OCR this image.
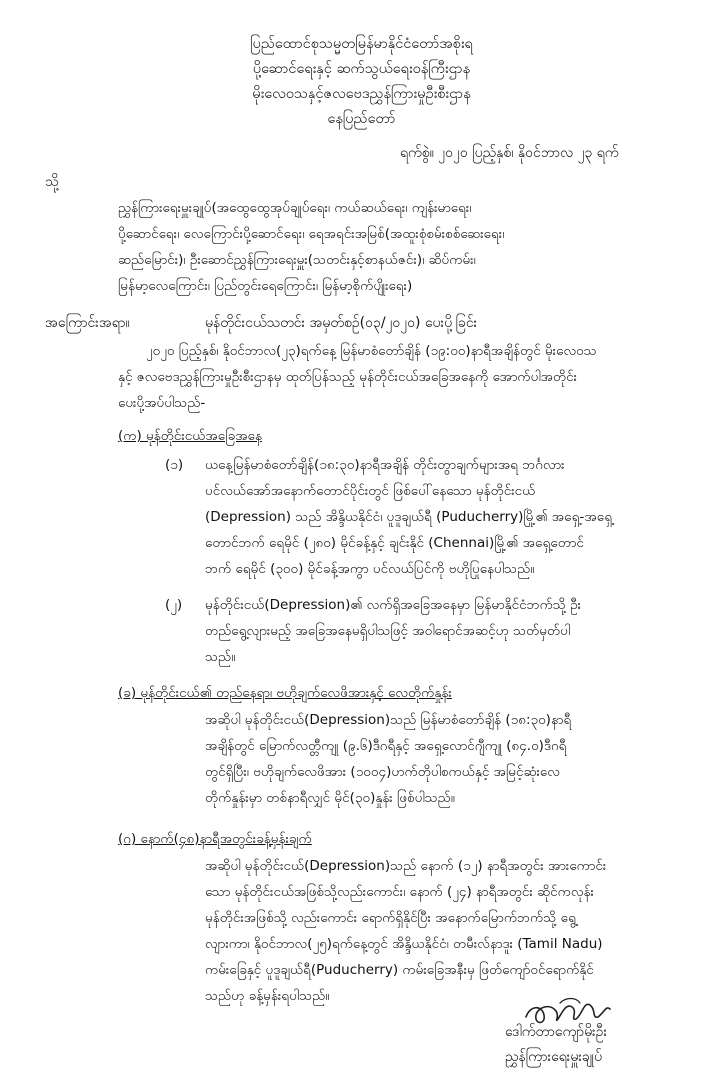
ပြည်ထောင်စုသမ္မတမြန်မာနိုင်ငံတော်အစိုးရ
ပို့ဆောင်ရေးနှင့် ဆက်သွယ်ရေးဝန်ကြီးဌာန
မိုးလေဝသနှင့်ဇလဗေဒညွှန်ကြားမှုဦးစီးဌာန
နေပြည်တော်
ရက်စွဲ။ ၂၀၂၀ ပြည့်နှစ်၊ နိုဝင်ဘာလ ၂၃ ရက်
သို့
ညွှန်ကြားရေးမှူးချုပ်(အထွေထွေအုပ်ချုပ်ရေး၊ ကယ်ဆယ်ရေး၊ ကျန်းမာရေး၊
ပို့ဆောင်ရေး၊ လေကြောင်းပို့ဆောင်ရေး၊ ရေအရင်းအမြစ်(အထူးစုံစမ်းစစ်ဆေးရေး၊
ဆည်မြောင်း)၊ ဦးဆောင်ညွှန်ကြားရေးမှူး(သတင်းနှင့်စာနယ်ဇင်း)၊ ဆိပ်ကမ်း၊
မြန်မာ့လေကြောင်း၊ ပြည်တွင်းရေကြောင်း၊ မြန်မာ့စိုက်ပျိုးရေး)
အကြောင်းအရာ။	မုန်တိုင်းငယ်သတင်း အမှတ်စဉ်(၀၃/၂၀၂၀) ပေးပို့ခြင်း
၂၀၂၀ ပြည့်နှစ်၊ နိုဝင်ဘာလ(၂၃)ရက်နေ့ မြန်မာစံတော်ချိန် (၁၉:၀၀)နာရီအချိန်တွင် မိုးလေဝသ
နှင့် ဇလဗေဒညွှန်ကြားမှုဦးစီးဌာနမှ ထုတ်ပြန်သည့် မုန်တိုင်းငယ်အခြေအနေကို အောက်ပါအတိုင်း
ပေးပို့အပ်ပါသည်-
(က) မုန်တိုင်းငယ်အခြေအနေ
(၁) ယနေ့မြန်မာစံတော်ချိန်(၁၈:၃၀)နာရီအချိန် တိုင်းတွာချက်များအရ ဘင်္ဂလား
ပင်လယ်အော်အနောက်တောင်ပိုင်းတွင် ဖြစ်ပေါ်နေသော မုန်တိုင်းငယ်
(Depression) သည် အိန္ဒိယနိုင်ငံ၊ ပူဒူချယ်ရီ (Puducherry)မြို့၏ အရှေ့-အရှေ့
တောင်ဘက် ရေမိုင် (၂၈၀) မိုင်ခန့်နှင့် ချင်းနိုင် (Chennai)မြို့၏ အရှေ့တောင်
ဘက် ရေမိုင် (၃၀၀) မိုင်ခန့်အကွာ ပင်လယ်ပြင်ကို ဗဟိုပြုနေပါသည်။
(၂) မုန်တိုင်းငယ်(Depression)၏ လက်ရှိအခြေအနေမှာ မြန်မာနိုင်ငံဘက်သို့ ဦး
တည်ရွေ့လျားမည့် အခြေအနေမရှိပါသဖြင့် အဝါရောင်အဆင့်ဟု သတ်မှတ်ပါ
သည်။
(ခ) မုန်တိုင်းငယ်၏ တည်နေရာ၊ ဗဟိုချက်လေဖိအားနှင့် လေတိုက်နှုန်း
အဆိုပါ မုန်တိုင်းငယ်(Depression)သည် မြန်မာစံတော်ချိန် (၁၈:၃၀)နာရီ
အချိန်တွင် မြောက်လတ္တီကျု (၉.၆)ဒီဂရီနှင့် အရှေ့လောင်ဂျီကျု (၈၄.၀)ဒီဂရီ
တွင်ရှိပြီး၊ ဗဟိုချက်လေဖိအား (၁၀၀၄)ဟက်တိုပါစကယ်နှင့် အမြင့်ဆုံးလေ
တိုက်နှုန်းမှာ တစ်နာရီလျှင် မိုင်(၃၀)နှုန်း ဖြစ်ပါသည်။
(ဂ) နောက်(၄၈)နာရီအတွင်းခန့်မှန်းချက်
အဆိုပါ မုန်တိုင်းငယ်(Depression)သည် နောက် (၁၂) နာရီအတွင်း အားကောင်း
သော မုန်တိုင်းငယ်အဖြစ်သို့လည်းကောင်း၊ နောက် (၂၄) နာရီအတွင်း ဆိုင်ကလုန်း
မုန်တိုင်းအဖြစ်သို့ လည်းကောင်း ရောက်ရှိနိုင်ပြီး အနောက်မြောက်ဘက်သို့ ရွေ့
လျားကာ၊ နိုဝင်ဘာလ(၂၅)ရက်နေ့တွင် အိန္ဒိယနိုင်ငံ၊ တမီးလ်နာဒူး (Tamil Nadu)
ကမ်းခြေနှင့် ပူဒူချယ်ရီ(Puducherry) ကမ်းခြေအနီးမှ ဖြတ်ကျော်ဝင်ရောက်နိုင်
သည်ဟု ခန့်မှန်းရပါသည်။
ဒေါက်တာကျော်မိုးဦး
ညွှန်ကြားရေးမှူးချုပ်
